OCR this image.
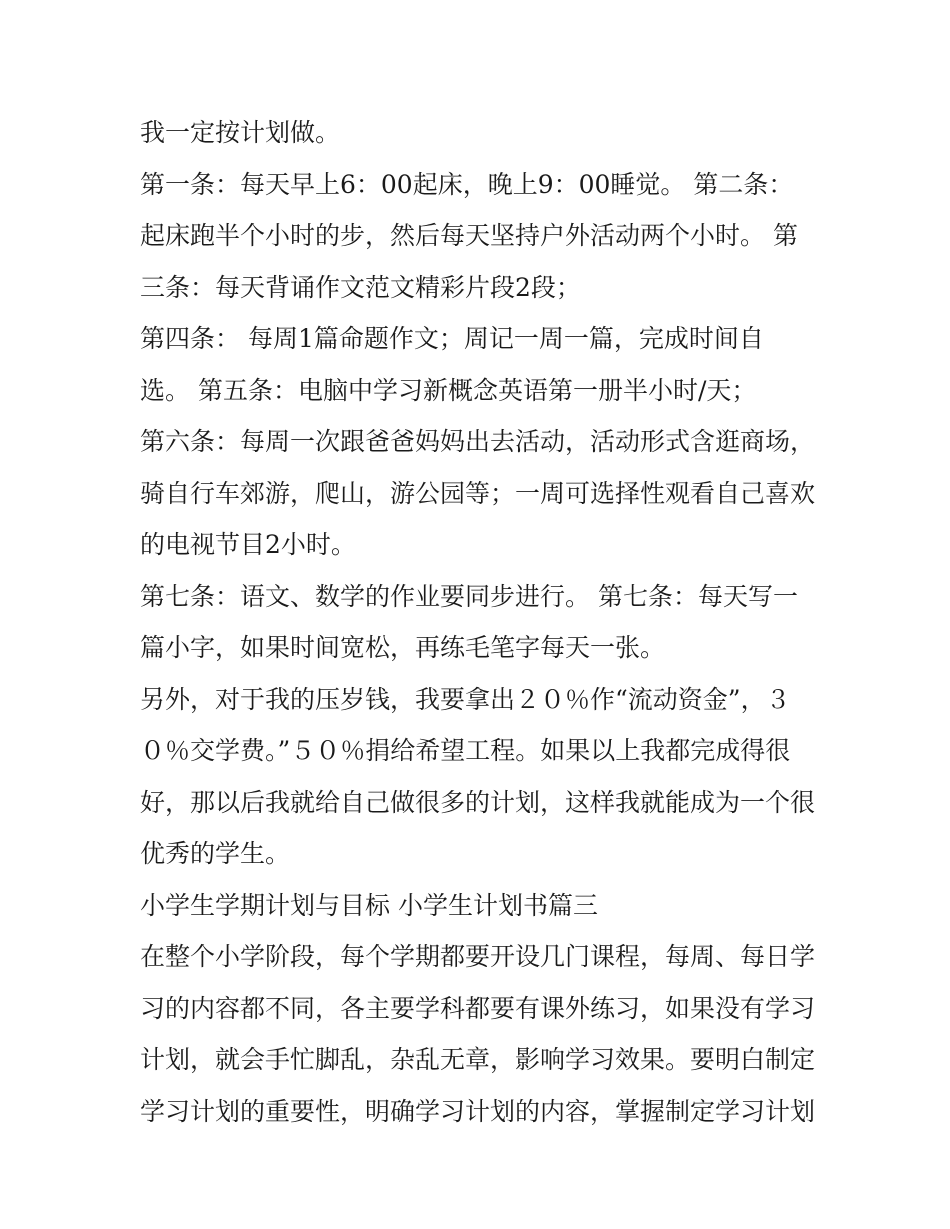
我一定按计划做。
第一条：每天早上6：00起床，晚上9：00睡觉。 第二条：
起床跑半个小时的步，然后每天坚持户外活动两个小时。 第
三条：每天背诵作文范文精彩片段2段；
第四条： 每周1篇命题作文；周记一周一篇，完成时间自
选。 第五条：电脑中学习新概念英语第一册半小时/天；
第六条：每周一次跟爸爸妈妈出去活动，活动形式含逛商场，
骑自行车郊游，爬山，游公园等；一周可选择性观看自己喜欢
的电视节目2小时。
第七条：语文、数学的作业要同步进行。 第七条：每天写一
篇小字，如果时间宽松，再练毛笔字每天一张。
另外，对于我的压岁钱，我要拿出２０％作“流动资金”，３
０％交学费。”５０％捐给希望工程。如果以上我都完成得很
好，那以后我就给自己做很多的计划，这样我就能成为一个很
优秀的学生。
小学生学期计划与目标 小学生计划书篇三
在整个小学阶段，每个学期都要开设几门课程，每周、每日学
习的内容都不同，各主要学科都要有课外练习，如果没有学习
计划，就会手忙脚乱，杂乱无章，影响学习效果。要明白制定
学习计划的重要性，明确学习计划的内容，掌握制定学习计划
